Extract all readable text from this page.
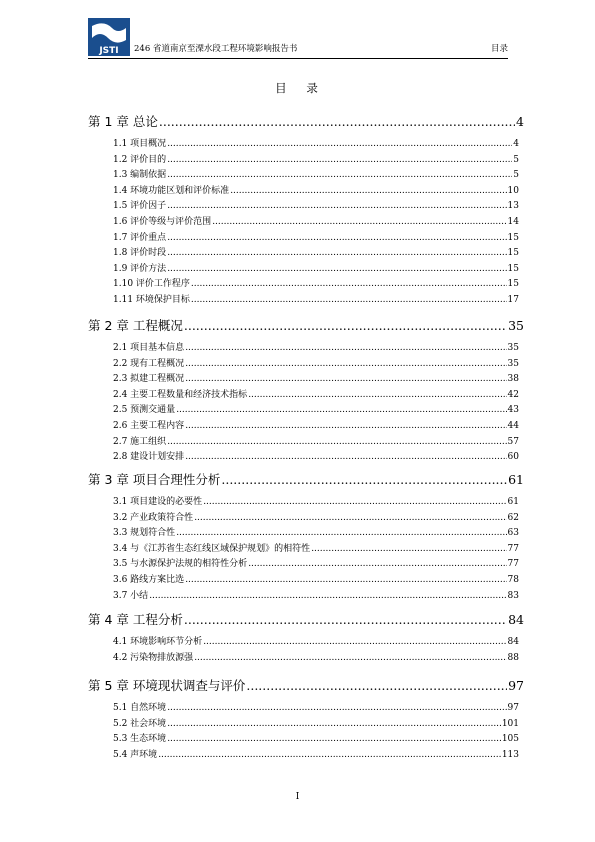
JSTI 246 省道南京至溧水段工程环境影响报告书	目录
目 录
第 1 章 总论 .....	4
1.1 项目概况 .....	4
1.2 评价目的 .....	5
1.3 编制依据 .....	5
1.4 环境功能区划和评价标准 .....	10
1.5 评价因子 .....	13
1.6 评价等级与评价范围 .....	14
1.7 评价重点 .....	15
1.8 评价时段 .....	15
1.9 评价方法 .....	15
1.10 评价工作程序 .....	15
1.11 环境保护目标 .....	17
第 2 章 工程概况 .....	35
2.1 项目基本信息 .....	35
2.2 现有工程概况 .....	35
2.3 拟建工程概况 .....	38
2.4 主要工程数量和经济技术指标 .....	42
2.5 预测交通量 .....	43
2.6 主要工程内容 .....	44
2.7 施工组织 .....	57
2.8 建设计划安排 .....	60
第 3 章 项目合理性分析 .....	61
3.1 项目建设的必要性 .....	61
3.2 产业政策符合性 .....	62
3.3 规划符合性 .....	63
3.4 与《江苏省生态红线区域保护规划》的相符性 .....	77
3.5 与水源保护法规的相符性分析 .....	77
3.6 路线方案比选 .....	78
3.7 小结 .....	83
第 4 章 工程分析 .....	84
4.1 环境影响环节分析 .....	84
4.2 污染物排放源强 .....	88
第 5 章 环境现状调查与评价 .....	97
5.1 自然环境 .....	97
5.2 社会环境 .....	101
5.3 生态环境 .....	105
5.4 声环境 .....	113
I
